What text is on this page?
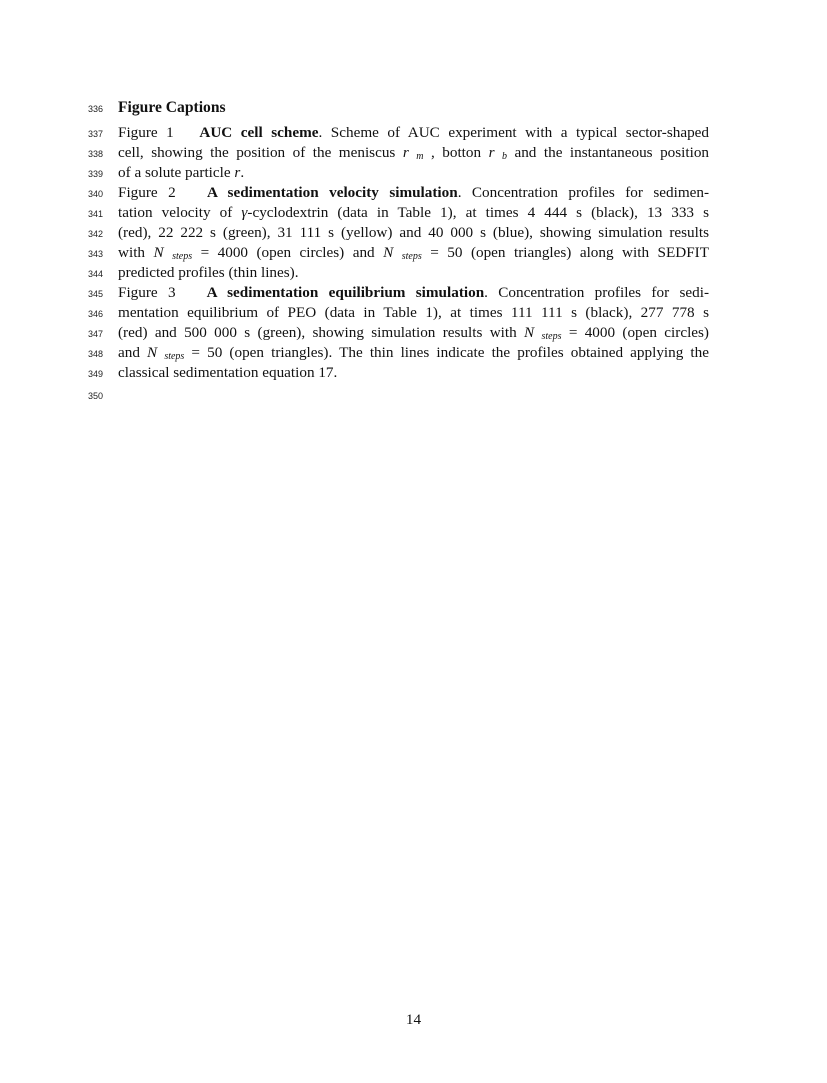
336
337
338
339
340
341
342
343
344
345
346
347
348
349
350
Figure Captions
Figure 1 AUC cell scheme. Scheme of AUC experiment with a typical sector-shaped
cell, showing the position of the meniscus r $_m$ , botton r $_b$ and the instantaneous position
of a solute particle r.
Figure 2 A sedimentation velocity simulation. Concentration profiles for sedimen-
tation velocity of γ-cyclodextrin (data in Table 1), at times 4 444 s (black), 13 333 s
(red), 22 222 s (green), 31 111 s (yellow) and 40 000 s (blue), showing simulation results
with N $_{steps}$ = 4000 (open circles) and N $_{steps}$ = 50 (open triangles) along with SEDFIT
predicted profiles (thin lines).
Figure 3 A sedimentation equilibrium simulation. Concentration profiles for sedi-
mentation equilibrium of PEO (data in Table 1), at times 111 111 s (black), 277 778 s
(red) and 500 000 s (green), showing simulation results with N $_{steps}$ = 4000 (open circles)
and N $_{steps}$ = 50 (open triangles). The thin lines indicate the profiles obtained applying the
classical sedimentation equation 17.
14
